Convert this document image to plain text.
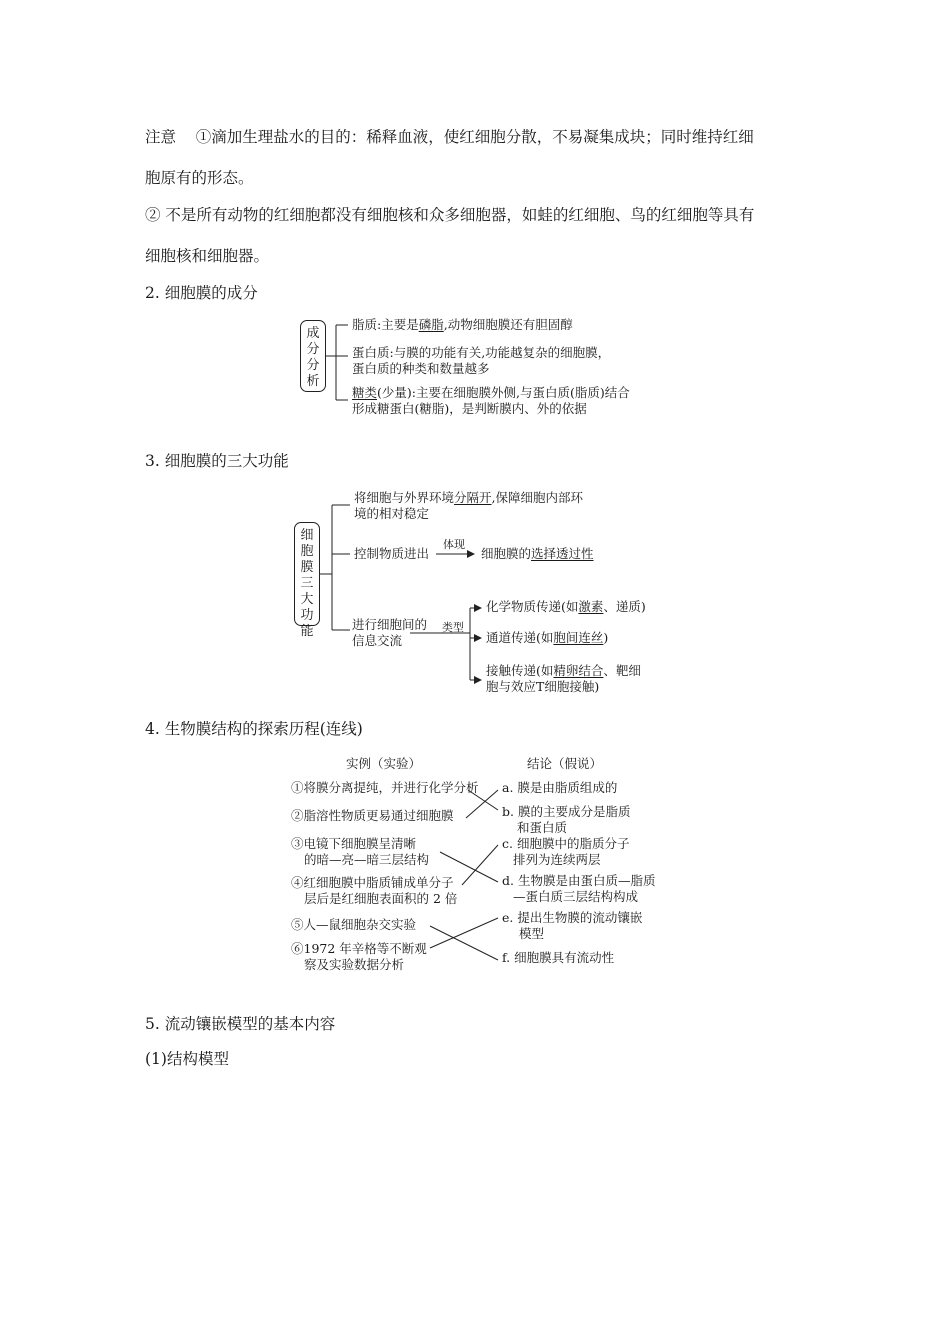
注意 ①滴加生理盐水的目的：稀释血液，使红细胞分散，不易凝集成块；同时维持红细
胞原有的形态。
② 不是所有动物的红细胞都没有细胞核和众多细胞器，如蛙的红细胞、鸟的红细胞等具有
细胞核和细胞器。
2. 细胞膜的成分
成分分析
脂质:主要是磷脂,动物细胞膜还有胆固醇
蛋白质:与膜的功能有关,功能越复杂的细胞膜，
蛋白质的种类和数量越多
糖类(少量):主要在细胞膜外侧,与蛋白质(脂质)结合
形成糖蛋白(糖脂)，是判断膜内、外的依据
3. 细胞膜的三大功能
细胞膜三大功能
将细胞与外界环境分隔开,保障细胞内部环
境的相对稳定
控制物质进出
体现
细胞膜的选择透过性
进行细胞间的
信息交流
类型
化学物质传递(如激素、递质)
通道传递(如胞间连丝)
接触传递(如精卵结合、靶细
胞与效应T细胞接触)
4. 生物膜结构的探索历程(连线)
实例（实验）	结论（假说）
①将膜分离提纯，并进行化学分析
②脂溶性物质更易通过细胞膜
③电镜下细胞膜呈清晰
的暗—亮—暗三层结构
④红细胞膜中脂质铺成单分子
层后是红细胞表面积的 2 倍
⑤人—鼠细胞杂交实验
⑥1972 年辛格等不断观
察及实验数据分析
a. 膜是由脂质组成的
b. 膜的主要成分是脂质
和蛋白质
c. 细胞膜中的脂质分子
排列为连续两层
d. 生物膜是由蛋白质—脂质
—蛋白质三层结构构成
e. 提出生物膜的流动镶嵌
模型
f. 细胞膜具有流动性
5. 流动镶嵌模型的基本内容
(1)结构模型
